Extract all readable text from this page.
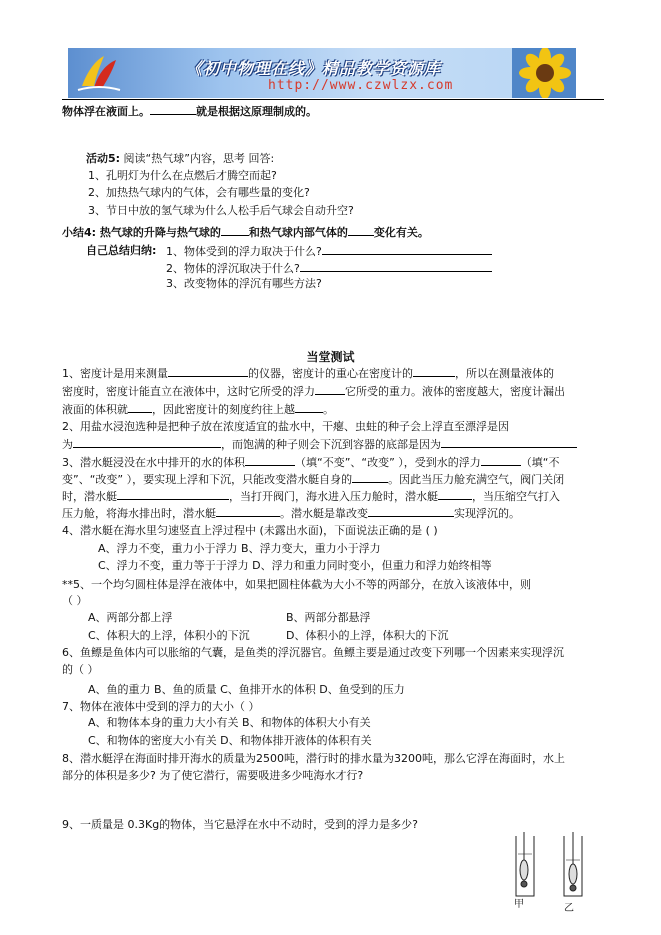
《初中物理在线》精品教学资源库
http://www.czwlzx.com
物体浮在液面上。	就是根据这原理制成的。
活动5: 阅读“热气球”内容，思考 回答:
1、孔明灯为什么在点燃后才腾空而起?
2、加热热气球内的气体，会有哪些量的变化?
3、节日中放的氢气球为什么人松手后气球会自动升空?
小结4: 热气球的升降与热气球的	和热气球内部气体的 变化有关。
自己总结归纳: 1、物体受到的浮力取决于什么?
2、物体的浮沉取决于什么?
3、改变物体的浮沉有哪些方法?
当堂测试
1、密度计是用来测量	的仪器，密度计的重心在密度计的	，所以在测量液体的
密度时，密度计能直立在液体中，这时它所受的浮力	它所受的重力。液体的密度越大，密度计漏出
液面的体积就 ，因此密度计的刻度约往上越	。
2、用盐水浸泡选种是把种子放在浓度适宜的盐水中，干瘪、虫蛀的种子会上浮直至漂浮是因
为	，而饱满的种子则会下沉到容器的底部是因为
3、潜水艇浸没在水中排开的水的体积	（填“不变”、“改变” ），受到水的浮力	（填“不
变”、“改变” ），要实现上浮和下沉，只能改变潜水艇自身的	。因此当压力舱充满空气，阀门关闭
时，潜水艇	，当打开阀门，海水进入压力舱时，潜水艇	，当压缩空气打入
压力舱，将海水排出时，潜水艇	。潜水艇是靠改变	实现浮沉的。
4、潜水艇在海水里匀速竖直上浮过程中 (未露出水面)，下面说法正确的是 ( )
A、浮力不变，重力小于浮力 B、浮力变大，重力小于浮力
C、浮力不变，重力等于于浮力 D、浮力和重力同时变小，但重力和浮力始终相等
**5、一个均匀圆柱体是浮在液体中，如果把圆柱体截为大小不等的两部分，在放入该液体中，则
（ ）
A、两部分都上浮	B、两部分都悬浮
C、体积大的上浮，体积小的下沉	D、体积小的上浮，体积大的下沉
6、鱼鳔是鱼体内可以胀缩的气囊，是鱼类的浮沉器官。鱼鳔主要是通过改变下列哪一个因素来实现浮沉
的（ ）
A、鱼的重力 B、鱼的质量 C、鱼排开水的体积 D、鱼受到的压力
7、物体在液体中受到的浮力的大小（ ）
A、和物体本身的重力大小有关 B、和物体的体积大小有关
C、和物体的密度大小有关 D、和物体排开液体的体积有关
8、潜水艇浮在海面时排开海水的质量为2500吨，潜行时的排水量为3200吨，那么它浮在海面时，水上
部分的体积是多少? 为了使它潜行，需要吸进多少吨海水才行?
9、一质量是 0.3Kg的物体，当它悬浮在水中不动时，受到的浮力是多少?
甲	乙
